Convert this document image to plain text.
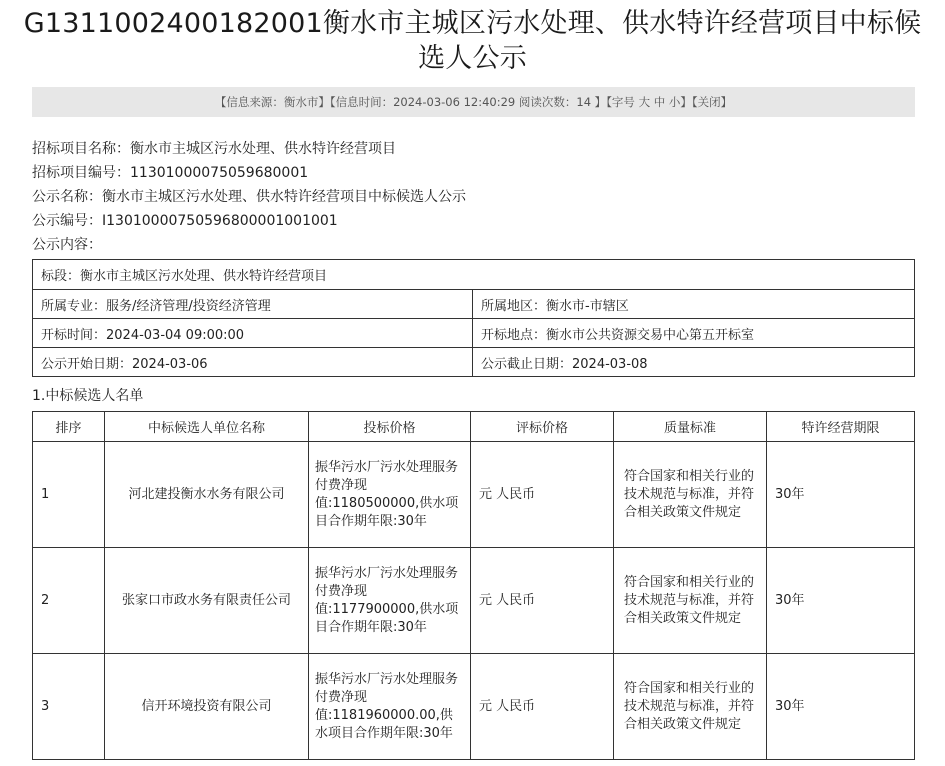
G1311002400182001衡水市主城区污水处理、供水特许经营项目中标候选人公示
【信息来源：衡水市】【信息时间：2024-03-06 12:40:29 阅读次数：14 】【字号 大 中 小】【关闭】
招标项目名称：衡水市主城区污水处理、供水特许经营项目
招标项目编号：11301000075059680001
公示名称：衡水市主城区污水处理、供水特许经营项目中标候选人公示
公示编号：I13010000750596800001001001
公示内容：
标段：衡水市主城区污水处理、供水特许经营项目	
所属专业：服务/经济管理/投资经济管理	所属地区：衡水市-市辖区
开标时间：2024-03-04 09:00:00	开标地点：衡水市公共资源交易中心第五开标室
公示开始日期：2024-03-06	公示截止日期：2024-03-08
1.中标候选人名单
排序	中标候选人单位名称	投标价格	评标价格	质量标准	特许经营期限
1	河北建投衡水水务有限公司	振华污水厂污水处理服务付费净现值:1180500000,供水项目合作期年限:30年	元 人民币	符合国家和相关行业的技术规范与标准，并符合相关政策文件规定	30年
2	张家口市政水务有限责任公司	振华污水厂污水处理服务付费净现值:1177900000,供水项目合作期年限:30年	元 人民币	符合国家和相关行业的技术规范与标准，并符合相关政策文件规定	30年
3	信开环境投资有限公司	振华污水厂污水处理服务付费净现值:1181960000.00,供水项目合作期年限:30年	元 人民币	符合国家和相关行业的技术规范与标准，并符合相关政策文件规定	30年
